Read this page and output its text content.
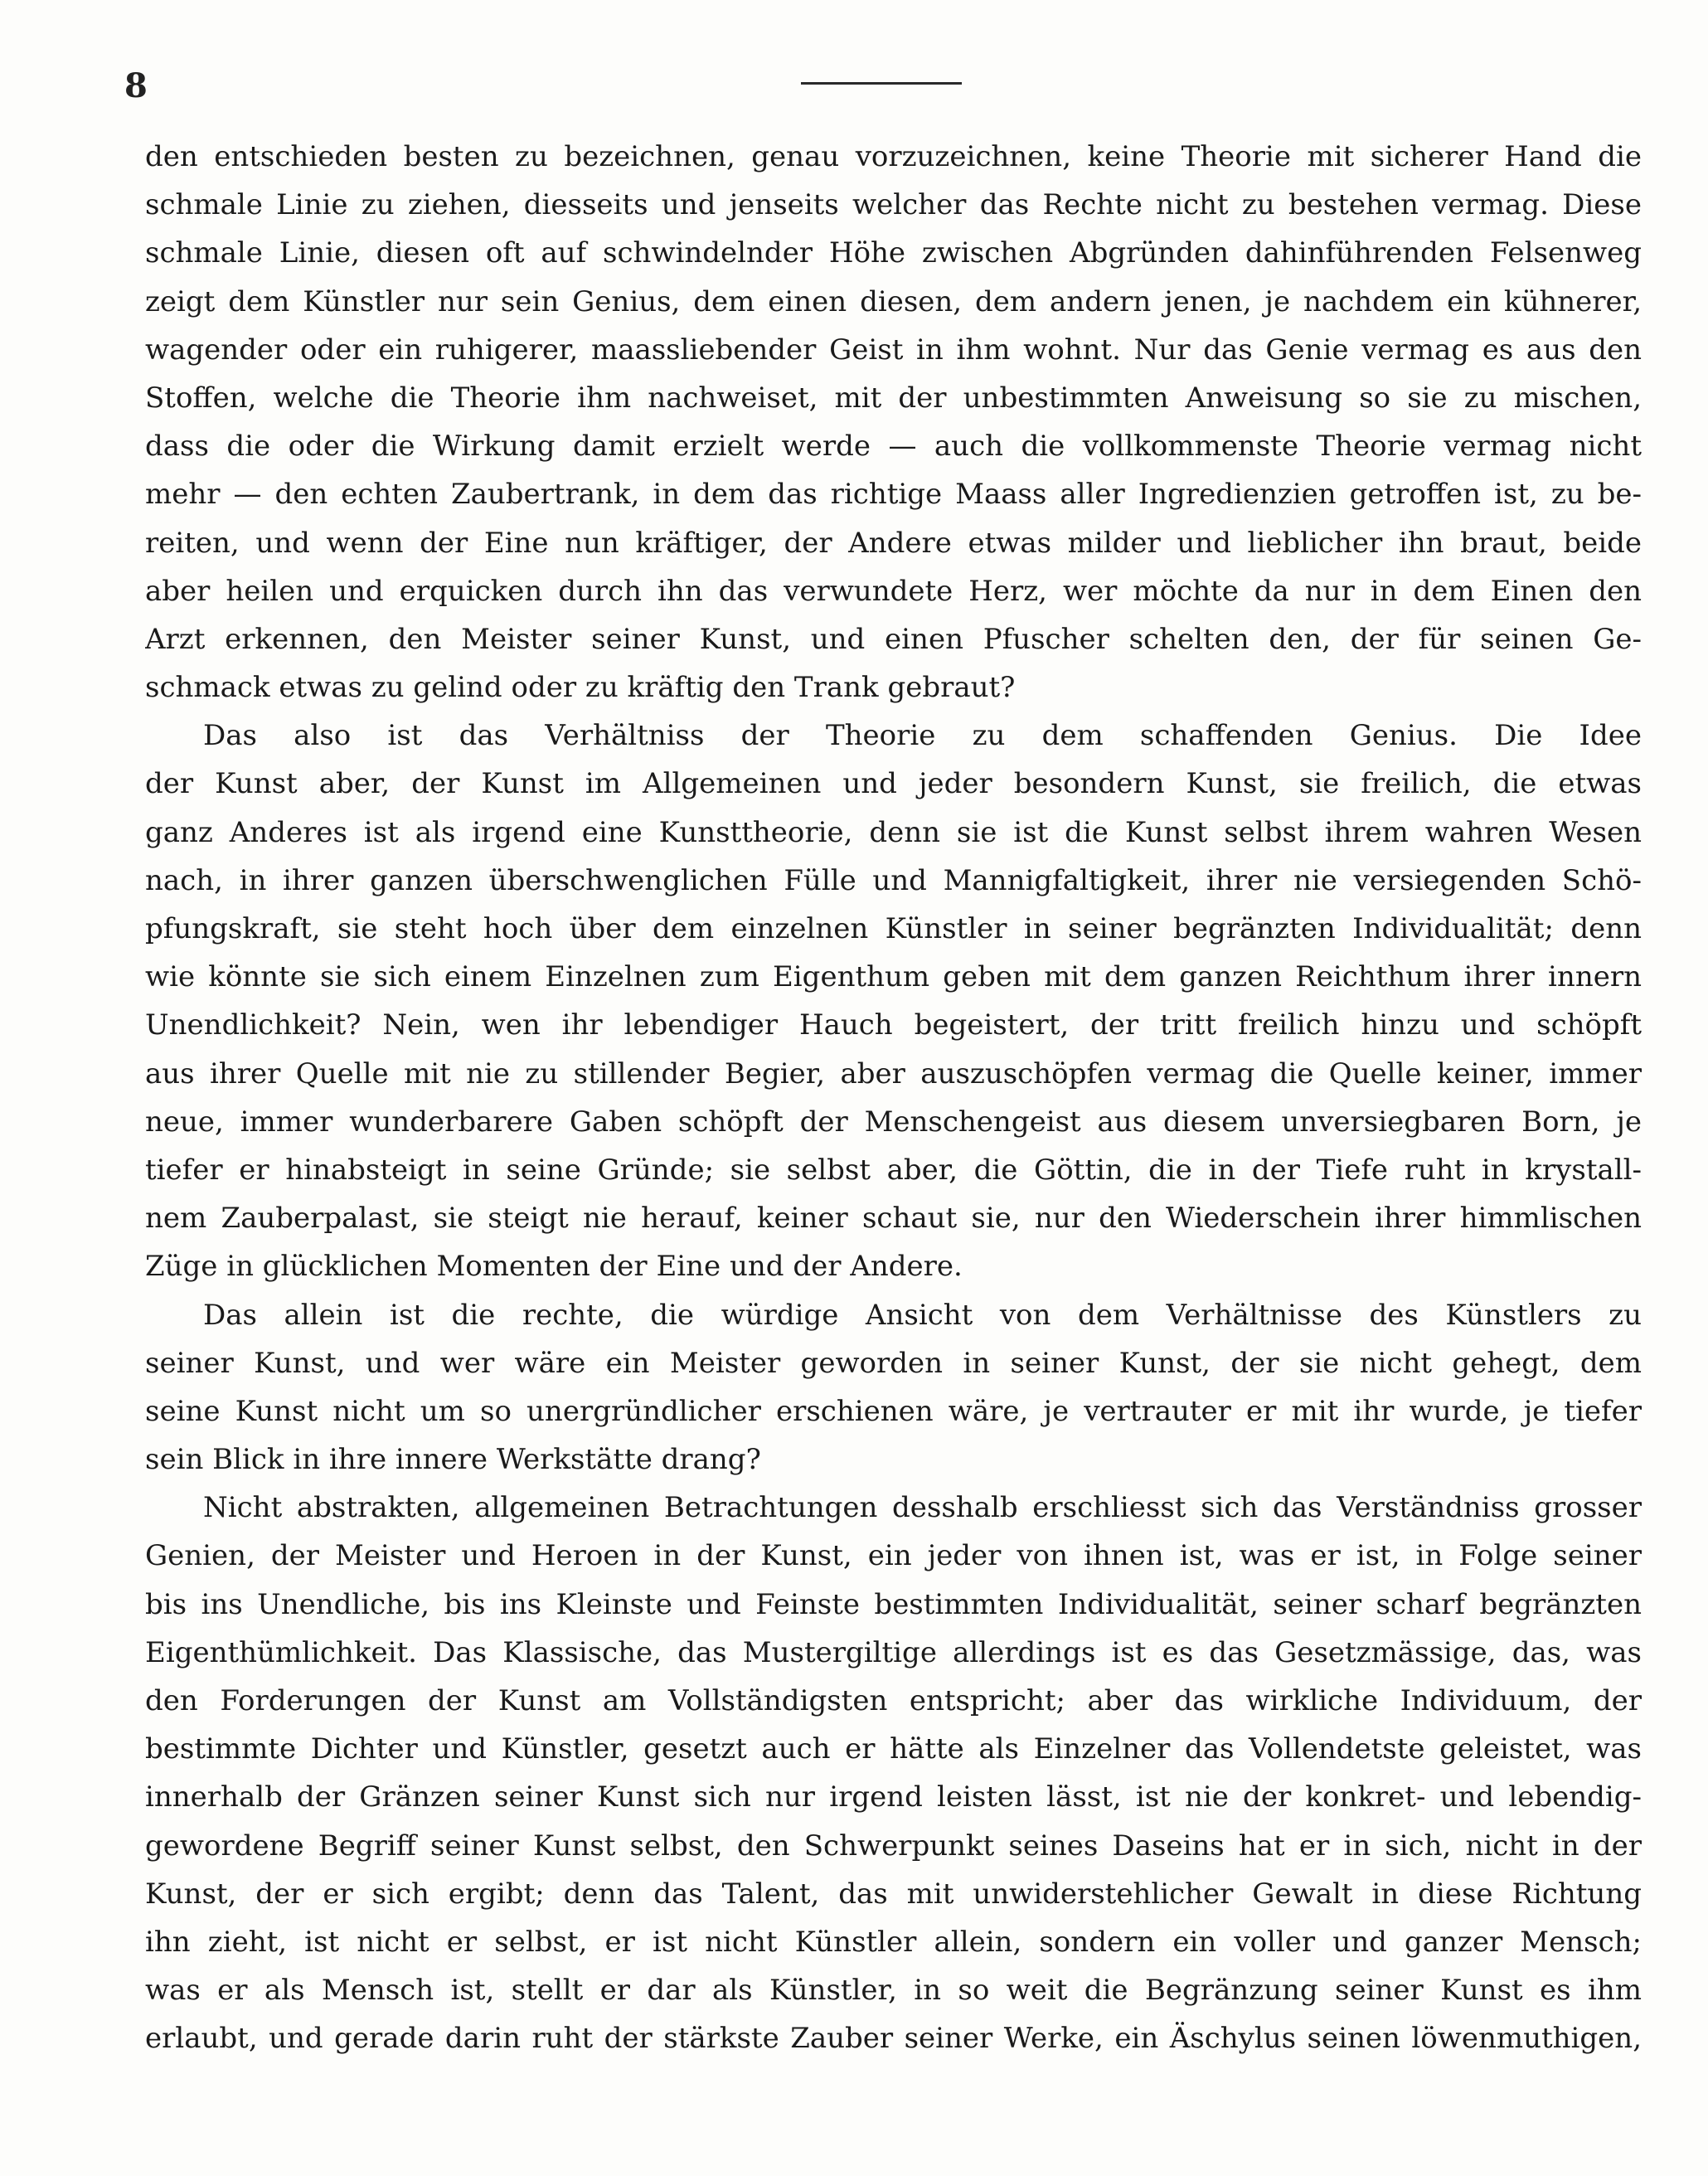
8
den entschieden besten zu bezeichnen, genau vorzuzeichnen, keine Theorie mit sicherer Hand die
schmale Linie zu ziehen, diesseits und jenseits welcher das Rechte nicht zu bestehen vermag. Diese
schmale Linie, diesen oft auf schwindelnder Höhe zwischen Abgründen dahinführenden Felsenweg
zeigt dem Künstler nur sein Genius, dem einen diesen, dem andern jenen, je nachdem ein kühnerer,
wagender oder ein ruhigerer, maassliebender Geist in ihm wohnt. Nur das Genie vermag es aus den
Stoffen, welche die Theorie ihm nachweiset, mit der unbestimmten Anweisung so sie zu mischen,
dass die oder die Wirkung damit erzielt werde — auch die vollkommenste Theorie vermag nicht
mehr — den echten Zaubertrank, in dem das richtige Maass aller Ingredienzien getroffen ist, zu be-
reiten, und wenn der Eine nun kräftiger, der Andere etwas milder und lieblicher ihn braut, beide
aber heilen und erquicken durch ihn das verwundete Herz, wer möchte da nur in dem Einen den
Arzt erkennen, den Meister seiner Kunst, und einen Pfuscher schelten den, der für seinen Ge-
schmack etwas zu gelind oder zu kräftig den Trank gebraut?
Das also ist das Verhältniss der Theorie zu dem schaffenden Genius. Die Idee
der Kunst aber, der Kunst im Allgemeinen und jeder besondern Kunst, sie freilich, die etwas
ganz Anderes ist als irgend eine Kunsttheorie, denn sie ist die Kunst selbst ihrem wahren Wesen
nach, in ihrer ganzen überschwenglichen Fülle und Mannigfaltigkeit, ihrer nie versiegenden Schö-
pfungskraft, sie steht hoch über dem einzelnen Künstler in seiner begränzten Individualität; denn
wie könnte sie sich einem Einzelnen zum Eigenthum geben mit dem ganzen Reichthum ihrer innern
Unendlichkeit? Nein, wen ihr lebendiger Hauch begeistert, der tritt freilich hinzu und schöpft
aus ihrer Quelle mit nie zu stillender Begier, aber auszuschöpfen vermag die Quelle keiner, immer
neue, immer wunderbarere Gaben schöpft der Menschengeist aus diesem unversiegbaren Born, je
tiefer er hinabsteigt in seine Gründe; sie selbst aber, die Göttin, die in der Tiefe ruht in krystall-
nem Zauberpalast, sie steigt nie herauf, keiner schaut sie, nur den Wiederschein ihrer himmlischen
Züge in glücklichen Momenten der Eine und der Andere.
Das allein ist die rechte, die würdige Ansicht von dem Verhältnisse des Künstlers zu
seiner Kunst, und wer wäre ein Meister geworden in seiner Kunst, der sie nicht gehegt, dem
seine Kunst nicht um so unergründlicher erschienen wäre, je vertrauter er mit ihr wurde, je tiefer
sein Blick in ihre innere Werkstätte drang?
Nicht abstrakten, allgemeinen Betrachtungen desshalb erschliesst sich das Verständniss grosser
Genien, der Meister und Heroen in der Kunst, ein jeder von ihnen ist, was er ist, in Folge seiner
bis ins Unendliche, bis ins Kleinste und Feinste bestimmten Individualität, seiner scharf begränzten
Eigenthümlichkeit. Das Klassische, das Mustergiltige allerdings ist es das Gesetzmässige, das, was
den Forderungen der Kunst am Vollständigsten entspricht; aber das wirkliche Individuum, der
bestimmte Dichter und Künstler, gesetzt auch er hätte als Einzelner das Vollendetste geleistet, was
innerhalb der Gränzen seiner Kunst sich nur irgend leisten lässt, ist nie der konkret- und lebendig-
gewordene Begriff seiner Kunst selbst, den Schwerpunkt seines Daseins hat er in sich, nicht in der
Kunst, der er sich ergibt; denn das Talent, das mit unwiderstehlicher Gewalt in diese Richtung
ihn zieht, ist nicht er selbst, er ist nicht Künstler allein, sondern ein voller und ganzer Mensch;
was er als Mensch ist, stellt er dar als Künstler, in so weit die Begränzung seiner Kunst es ihm
erlaubt, und gerade darin ruht der stärkste Zauber seiner Werke, ein Äschylus seinen löwenmuthigen,
